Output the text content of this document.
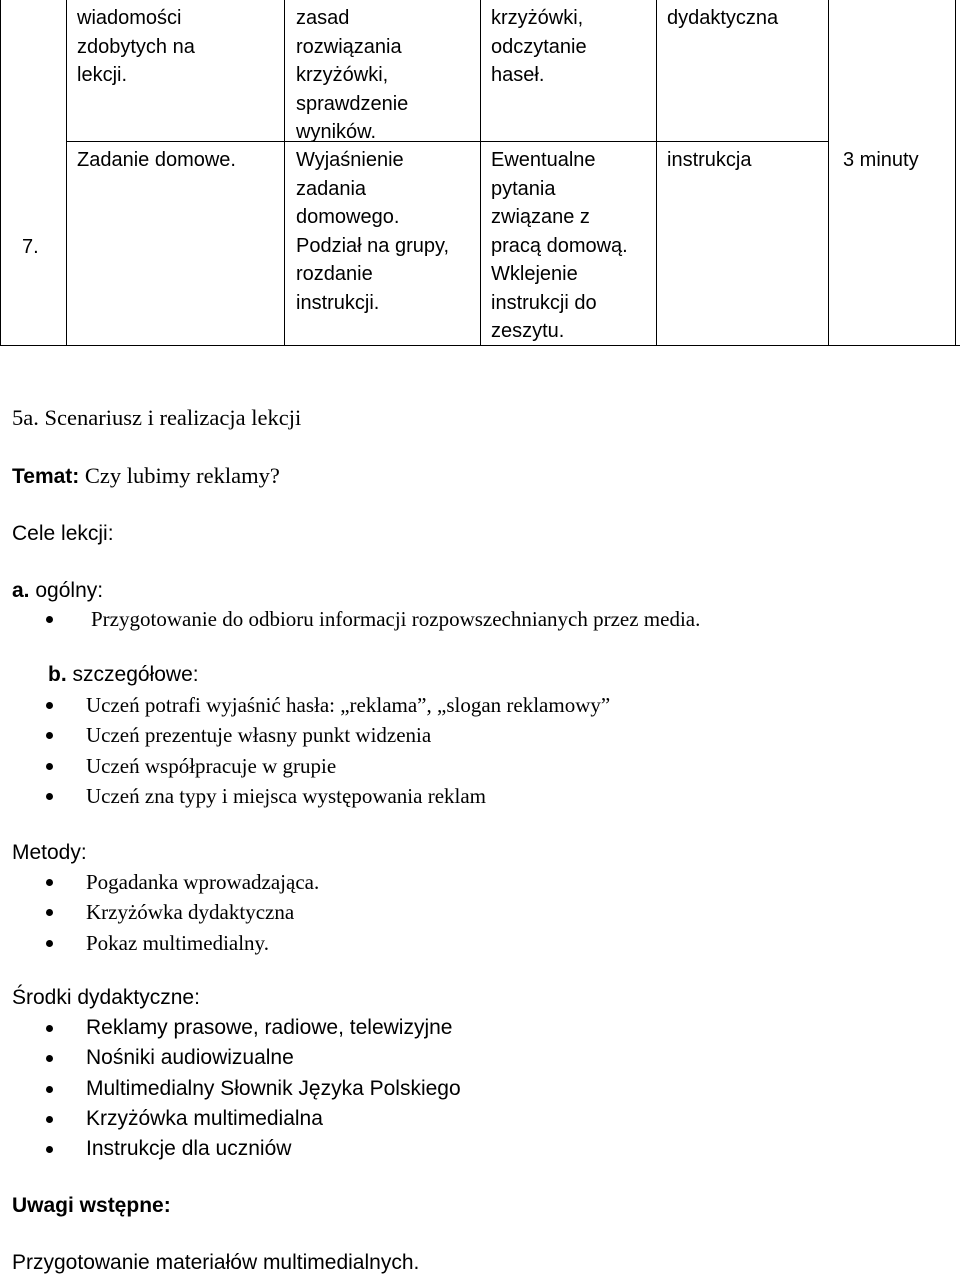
wiadomości
zdobytych na
lekcji.
zasad
rozwiązania
krzyżówki,
sprawdzenie
wyników.
krzyżówki,
odczytanie
haseł.
dydaktyczna
7.
Zadanie domowe.	Wyjaśnienie
zadania
domowego.
Podział na grupy,
rozdanie
instrukcji.
Ewentualne
pytania
związane z
pracą domową.
Wklejenie
instrukcji do
zeszytu.
instrukcja	3 minuty
5a. Scenariusz i realizacja lekcji
Temat: Czy lubimy reklamy?
Cele lekcji:
a. ogólny:
Przygotowanie do odbioru informacji rozpowszechnianych przez media.
b. szczegółowe:
Uczeń potrafi wyjaśnić hasła: „reklama”, „slogan reklamowy”
Uczeń prezentuje własny punkt widzenia
Uczeń współpracuje w grupie
Uczeń zna typy i miejsca występowania reklam
Metody:
Pogadanka wprowadzająca.
Krzyżówka dydaktyczna
Pokaz multimedialny.
Środki dydaktyczne:
Reklamy prasowe, radiowe, telewizyjne
Nośniki audiowizualne
Multimedialny Słownik Języka Polskiego
Krzyżówka multimedialna
Instrukcje dla uczniów
Uwagi wstępne:
Przygotowanie materiałów multimedialnych.
